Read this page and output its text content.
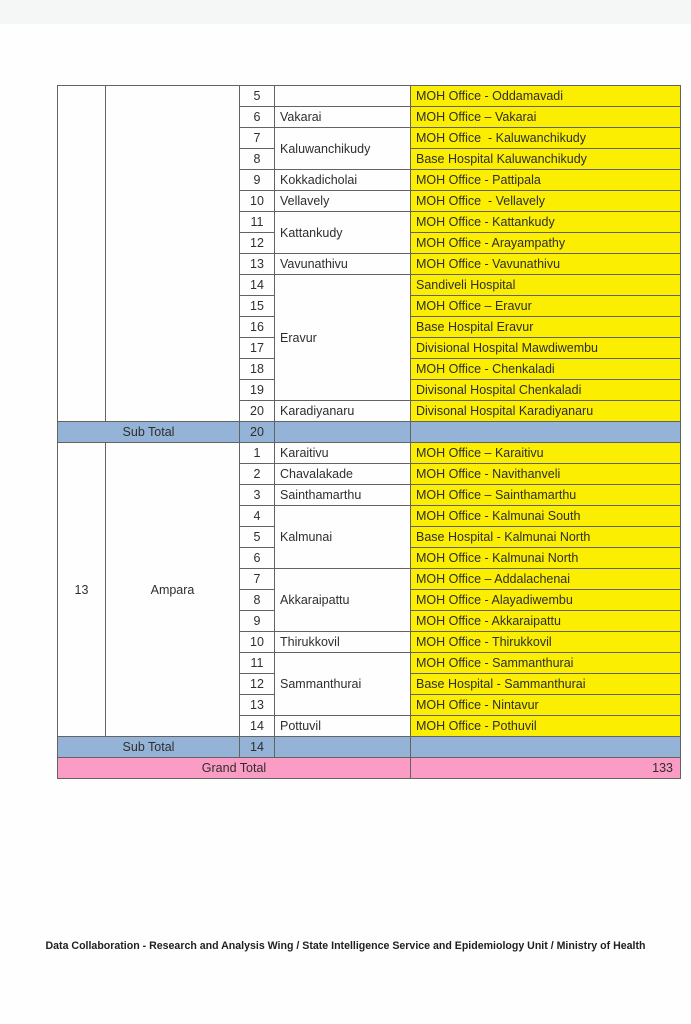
		5		MOH Office - Oddamavadi
		6	Vakarai	MOH Office – Vakarai
		7	Kaluwanchikudy	MOH Office  - Kaluwanchikudy
		8		Base Hospital Kaluwanchikudy
		9	Kokkadicholai	MOH Office - Pattipala
		10	Vellavely	MOH Office  - Vellavely
		11	Kattankudy	MOH Office - Kattankudy
		12		MOH Office - Arayampathy
		13	Vavunathivu	MOH Office - Vavunathivu
		14	Eravur	Sandiveli Hospital
		15		MOH Office – Eravur
		16		Base Hospital Eravur
		17		Divisional Hospital Mawdiwembu
		18		MOH Office - Chenkaladi
		19		Divisonal Hospital Chenkaladi
		20	Karadiyanaru	Divisonal Hospital Karadiyanaru
Sub Total		20		
13	Ampara	1	Karaitivu	MOH Office – Karaitivu
		2	Chavalakade	MOH Office - Navithanveli
		3	Sainthamarthu	MOH Office – Sainthamarthu
		4	Kalmunai	MOH Office - Kalmunai South
		5		Base Hospital - Kalmunai North
		6		MOH Office - Kalmunai North
		7	Akkaraipattu	MOH Office – Addalachenai
		8		MOH Office - Alayadiwembu
		9		MOH Office - Akkaraipattu
		10	Thirukkovil	MOH Office - Thirukkovil
		11	Sammanthurai	MOH Office - Sammanthurai
		12		Base Hospital - Sammanthurai
		13		MOH Office - Nintavur
		14	Pottuvil	MOH Office - Pothuvil
Sub Total		14		
Grand Total				133
Data Collaboration - Research and Analysis Wing / State Intelligence Service and Epidemiology Unit / Ministry of Health
